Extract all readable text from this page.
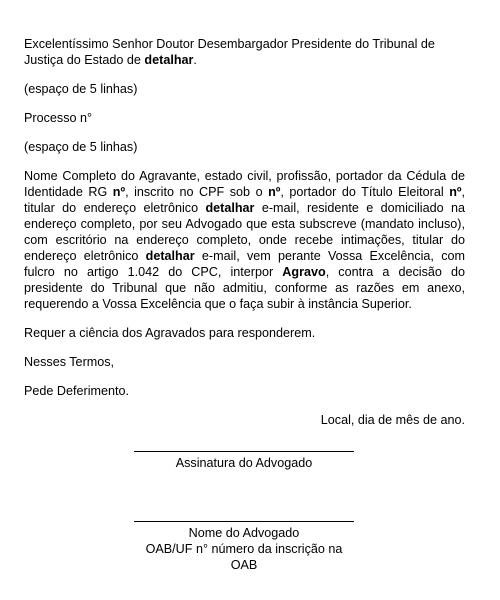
Excelentíssimo Senhor Doutor Desembargador Presidente do Tribunal de Justiça do Estado de detalhar.

(espaço de 5 linhas)

Processo n°

(espaço de 5 linhas)

Nome Completo do Agravante, estado civil, profissão, portador da Cédula de Identidade RG nº, inscrito no CPF sob o nº, portador do Título Eleitoral nº, titular do endereço eletrônico detalhar e-mail, residente e domiciliado na endereço completo, por seu Advogado que esta subscreve (mandato incluso), com escritório na endereço completo, onde recebe intimações, titular do endereço eletrônico detalhar e-mail, vem perante Vossa Excelência, com fulcro no artigo 1.042 do CPC, interpor Agravo, contra a decisão do presidente do Tribunal que não admitiu, conforme as razões em anexo, requerendo a Vossa Excelência que o faça subir à instância Superior.

Requer a ciência dos Agravados para responderem.

Nesses Termos,

Pede Deferimento.

Local, dia de mês de ano.

Assinatura do Advogado
Nome do Advogado
OAB/UF n° número da inscrição na OAB
